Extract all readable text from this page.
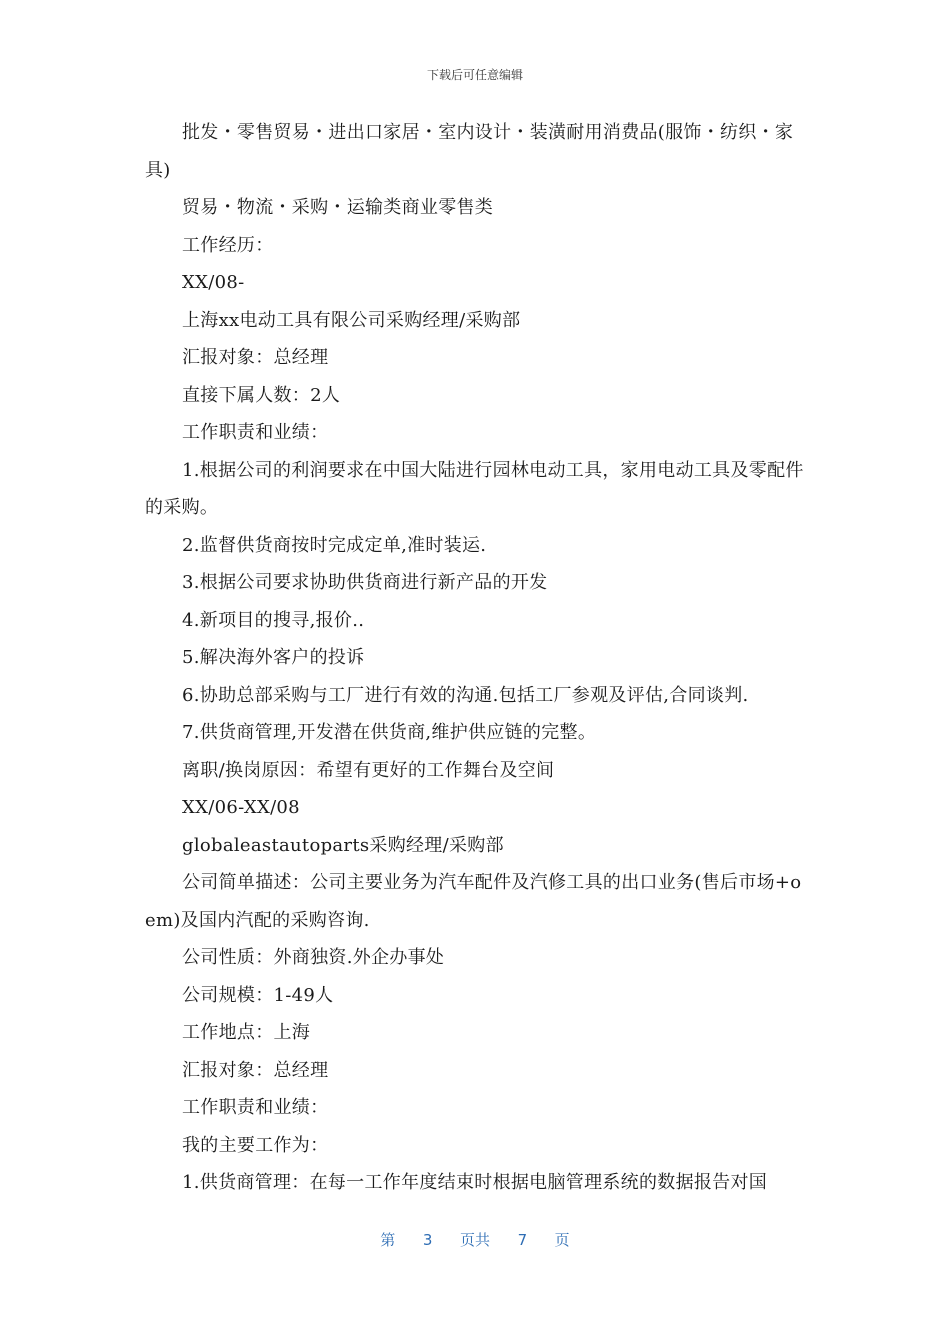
下载后可任意编辑

批发・零售贸易・进出口家居・室内设计・装潢耐用消费品(服饰・纺织・家具)

贸易・物流・采购・运输类商业零售类

工作经历：

XX/08-

上海xx电动工具有限公司采购经理/采购部

汇报对象：总经理

直接下属人数：2人

工作职责和业绩：

1.根据公司的利润要求在中国大陆进行园林电动工具，家用电动工具及零配件的采购。

2.监督供货商按时完成定单,准时装运.

3.根据公司要求协助供货商进行新产品的开发

4.新项目的搜寻,报价..

5.解决海外客户的投诉

6.协助总部采购与工厂进行有效的沟通.包括工厂参观及评估,合同谈判.

7.供货商管理,开发潜在供货商,维护供应链的完整。

离职/换岗原因：希望有更好的工作舞台及空间

XX/06-XX/08

globaleastautoparts采购经理/采购部

公司简单描述：公司主要业务为汽车配件及汽修工具的出口业务(售后市场+oem)及国内汽配的采购咨询.

公司性质：外商独资.外企办事处

公司规模：1-49人

工作地点：上海

汇报对象：总经理

工作职责和业绩：

我的主要工作为：

1.供货商管理：在每一工作年度结束时根据电脑管理系统的数据报告对国

第 3 页共 7 页
